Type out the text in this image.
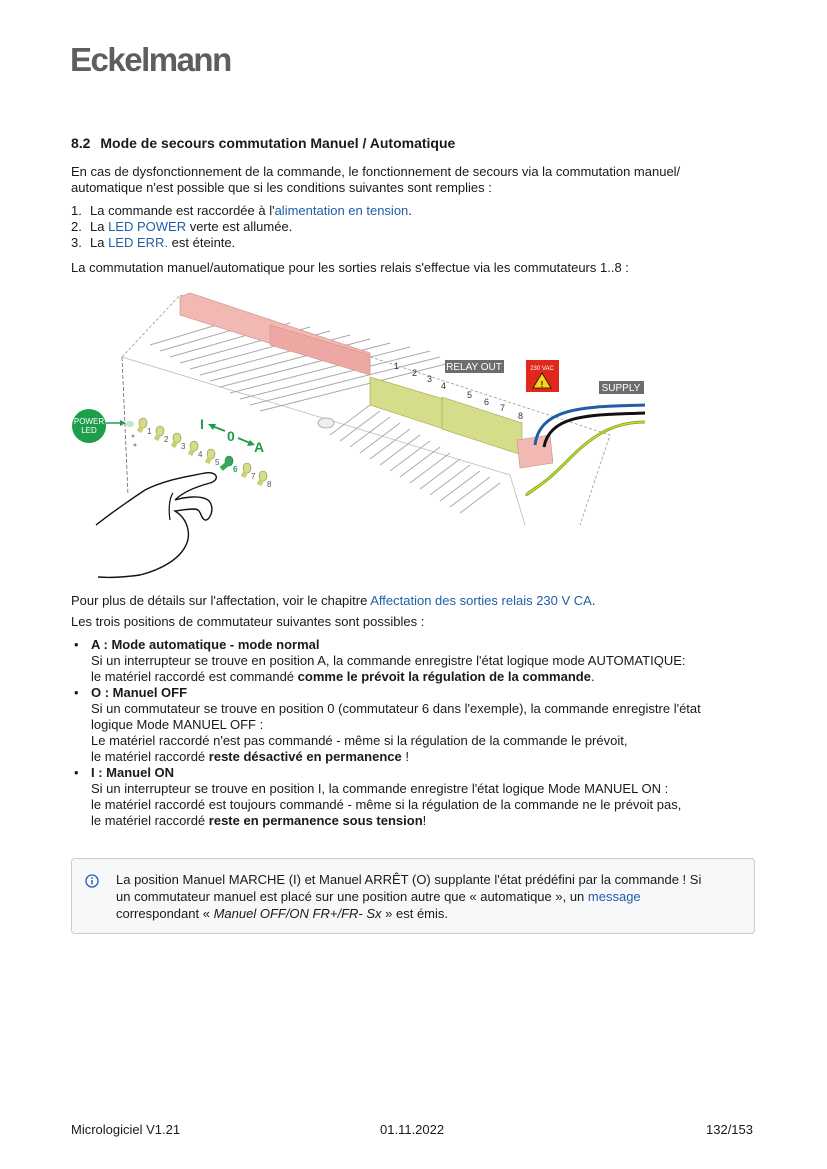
Eckelmann
8.2 Mode de secours commutation Manuel / Automatique
En cas de dysfonctionnement de la commande, le fonctionnement de secours via la commutation manuel/
automatique n'est possible que si les conditions suivantes sont remplies :
1. La commande est raccordée à l'alimentation en tension.
2. La LED POWER verte est allumée.
3. La LED ERR. est éteinte.
La commutation manuel/automatique pour les sorties relais s'effectue via les commutateurs 1..8 :
1
2
3
4
5
6
7
8
RELAY OUT	230 VAC
!	SUPPLY
POWER
LED	1
2
3
4
5
6
7
8
I
0
A
Pour plus de détails sur l'affectation, voir le chapitre Affectation des sorties relais 230 V CA.
Les trois positions de commutateur suivantes sont possibles :
• A : Mode automatique - mode normal
Si un interrupteur se trouve en position A, la commande enregistre l'état logique mode AUTOMATIQUE:
le matériel raccordé est commandé comme le prévoit la régulation de la commande.
• O : Manuel OFF
Si un commutateur se trouve en position 0 (commutateur 6 dans l'exemple), la commande enregistre l'état
logique Mode MANUEL OFF :
Le matériel raccordé n'est pas commandé - même si la régulation de la commande le prévoit,
le matériel raccordé reste désactivé en permanence !
• I : Manuel ON
Si un interrupteur se trouve en position I, la commande enregistre l'état logique Mode MANUEL ON :
le matériel raccordé est toujours commandé - même si la régulation de la commande ne le prévoit pas,
le matériel raccordé reste en permanence sous tension!
La position Manuel MARCHE (I) et Manuel ARRÊT (O) supplante l'état prédéfini par la commande ! Si
un commutateur manuel est placé sur une position autre que « automatique », un message
correspondant « Manuel OFF/ON FR+/FR- Sx » est émis.
Micrologiciel V1.21	01.11.2022	132/153
